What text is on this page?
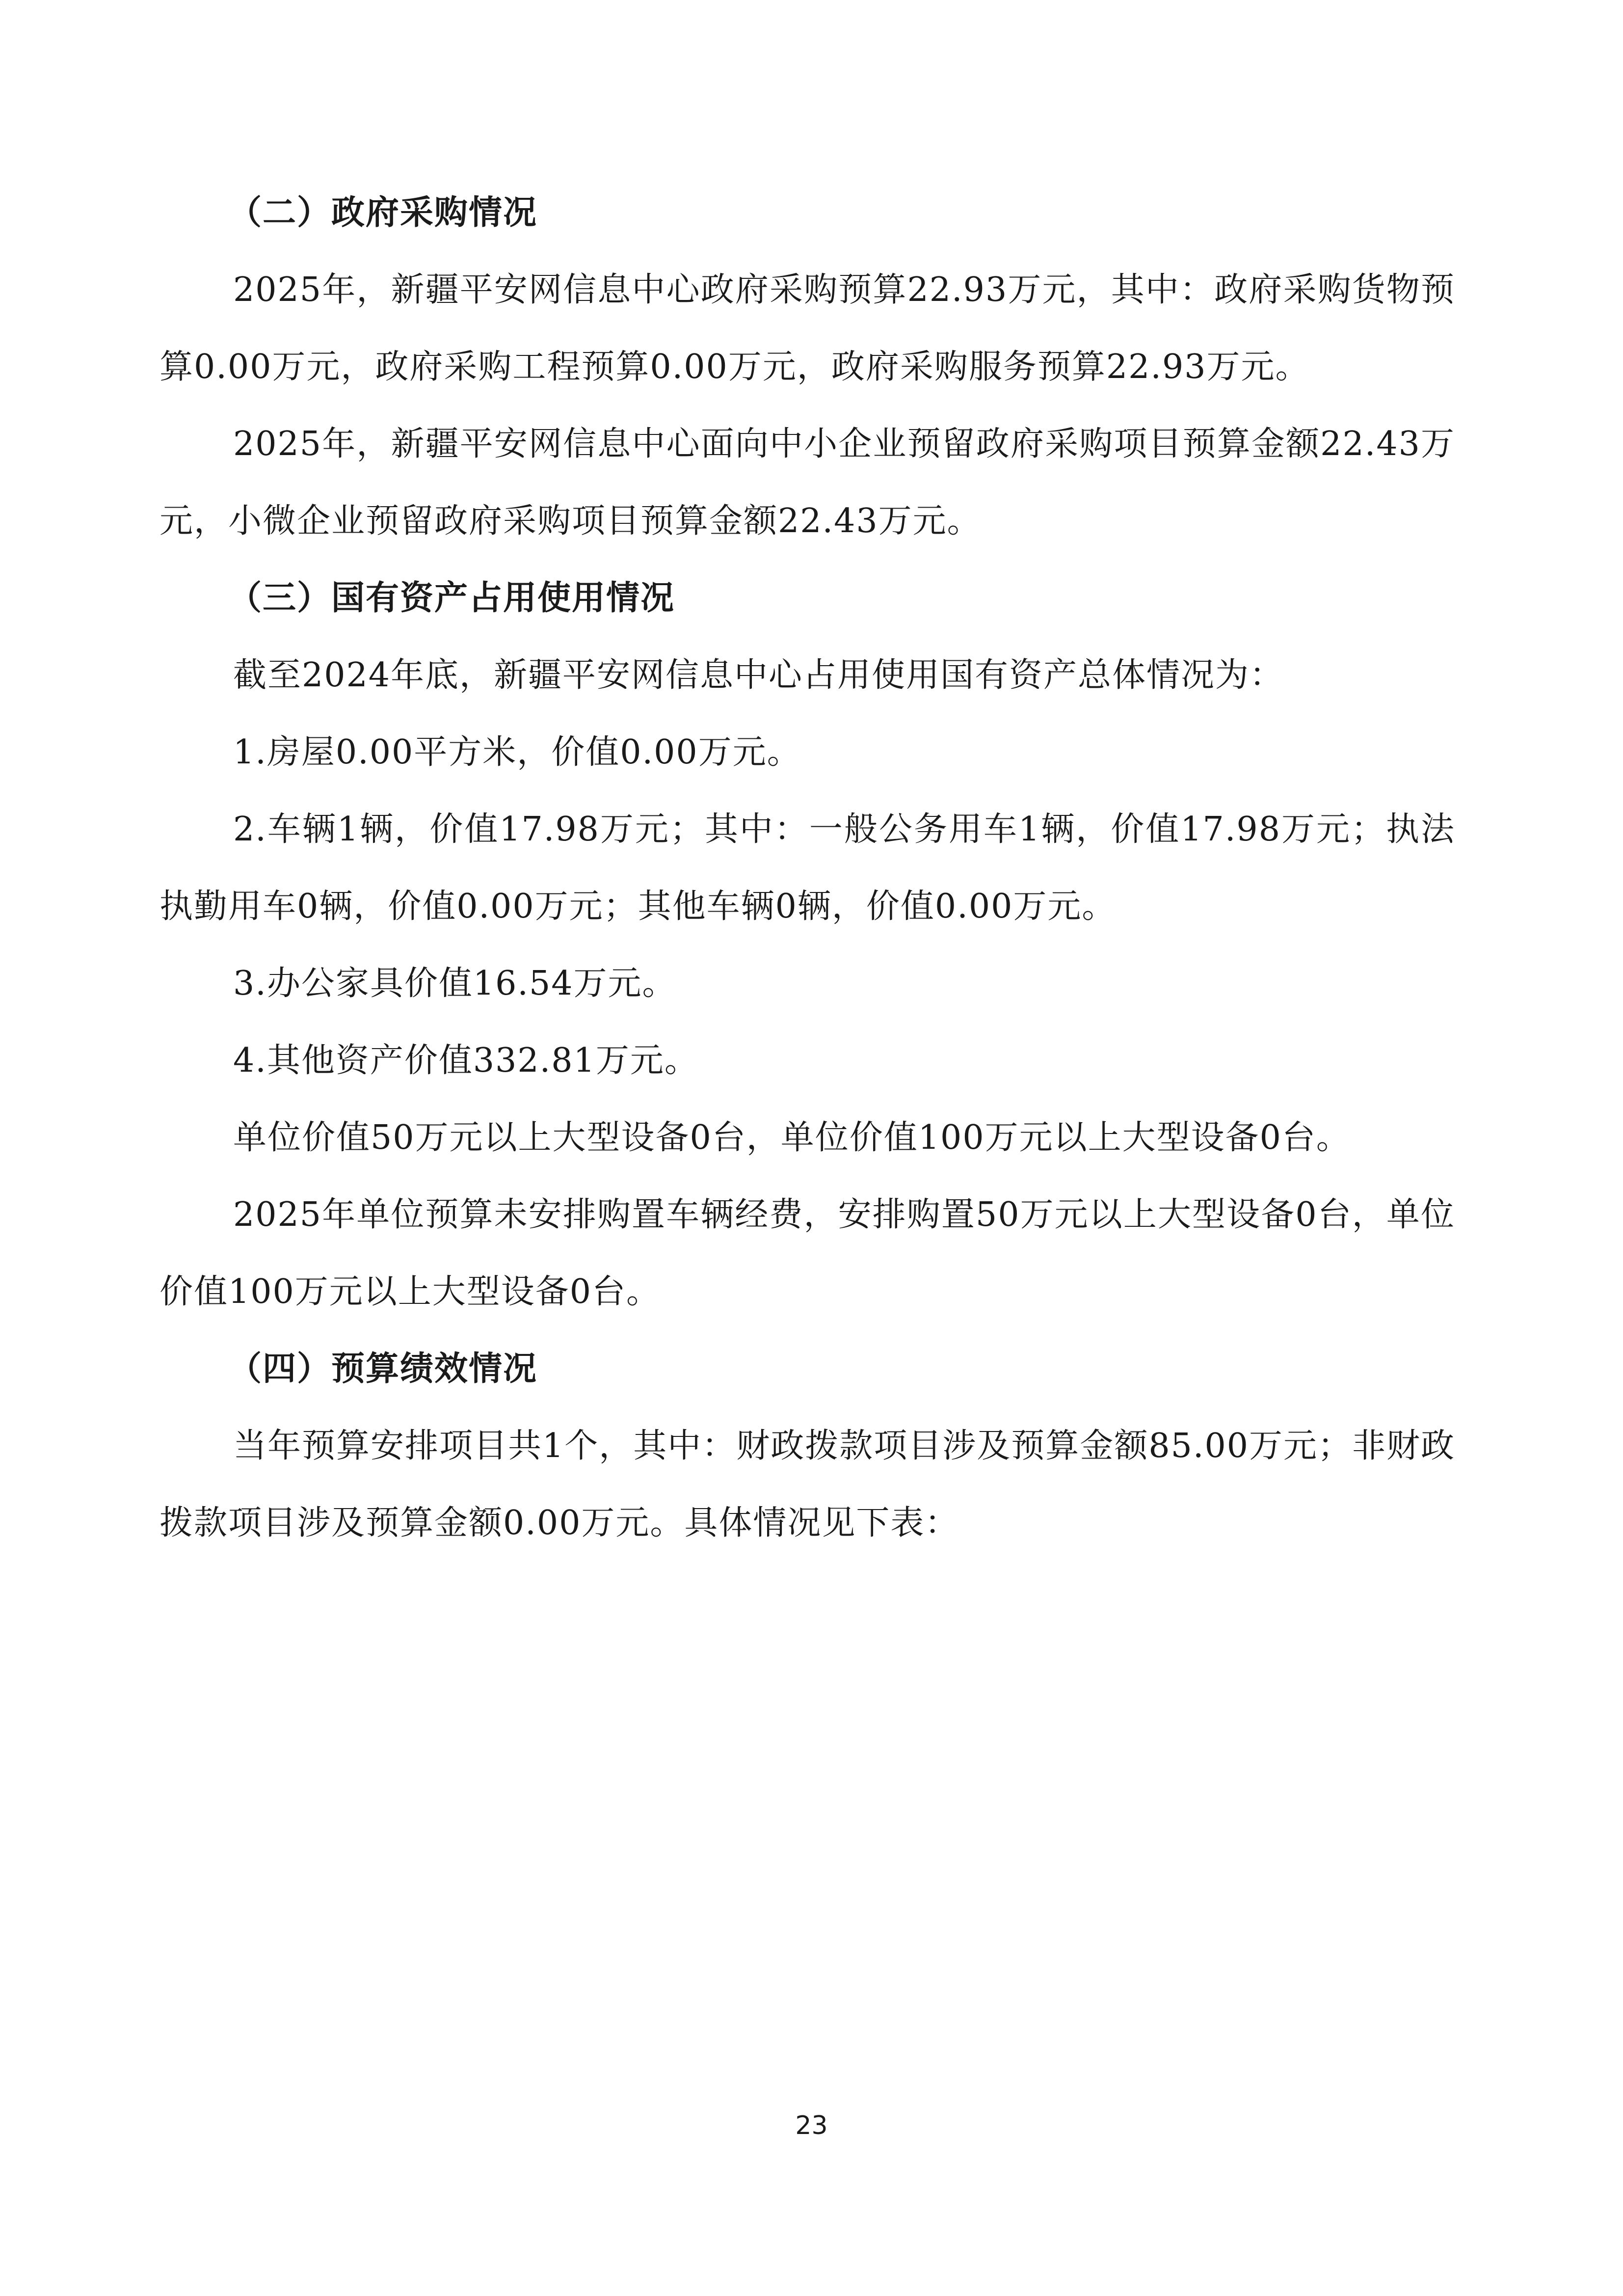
（二）政府采购情况

2025年，新疆平安网信息中心政府采购预算22.93万元，其中：政府采购货物预算0.00万元，政府采购工程预算0.00万元，政府采购服务预算22.93万元。

2025年，新疆平安网信息中心面向中小企业预留政府采购项目预算金额22.43万元，小微企业预留政府采购项目预算金额22.43万元。

（三）国有资产占用使用情况

截至2024年底，新疆平安网信息中心占用使用国有资产总体情况为：

1.房屋0.00平方米，价值0.00万元。

2.车辆1辆，价值17.98万元；其中：一般公务用车1辆，价值17.98万元；执法执勤用车0辆，价值0.00万元；其他车辆0辆，价值0.00万元。

3.办公家具价值16.54万元。

4.其他资产价值332.81万元。

单位价值50万元以上大型设备0台，单位价值100万元以上大型设备0台。

2025年单位预算未安排购置车辆经费，安排购置50万元以上大型设备0台，单位价值100万元以上大型设备0台。

（四）预算绩效情况

当年预算安排项目共1个，其中：财政拨款项目涉及预算金额85.00万元；非财政拨款项目涉及预算金额0.00万元。具体情况见下表：

23
